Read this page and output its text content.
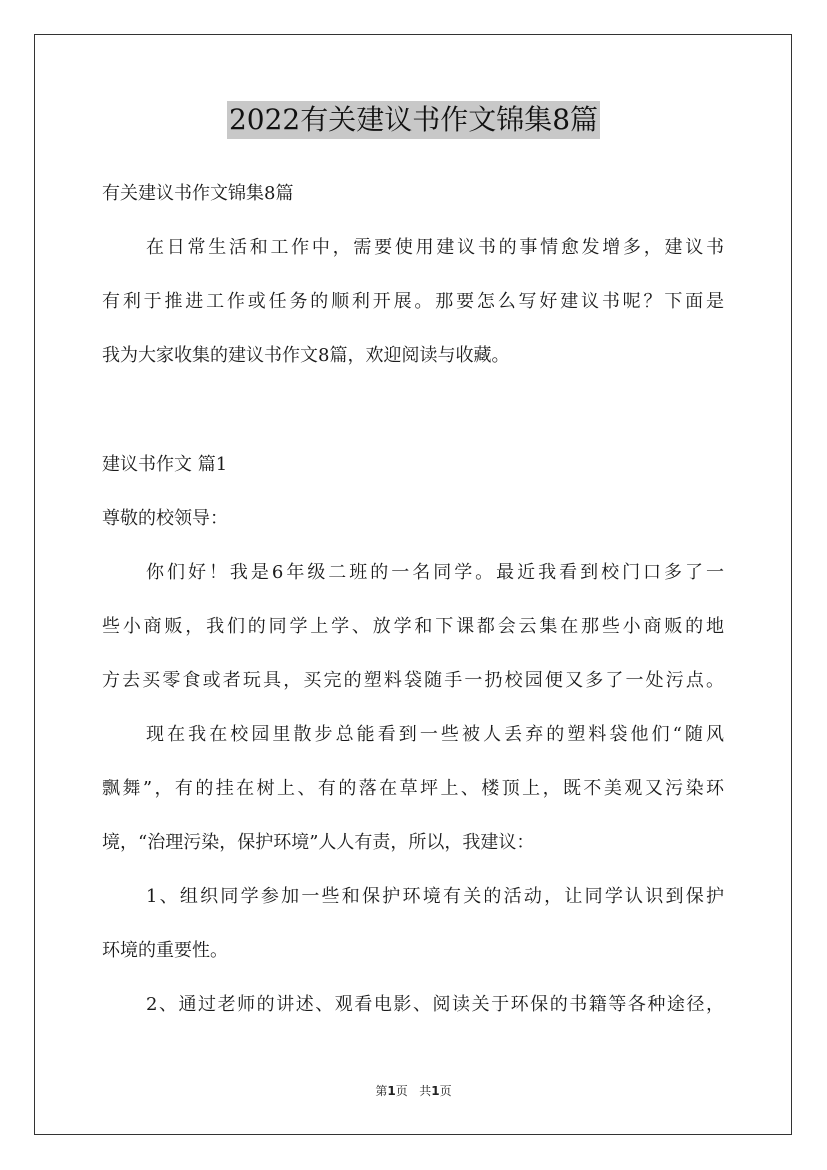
2022有关建议书作文锦集8篇
有关建议书作文锦集8篇
在日常生活和工作中，需要使用建议书的事情愈发增多，建议书
有利于推进工作或任务的顺利开展。那要怎么写好建议书呢？下面是
我为大家收集的建议书作文8篇，欢迎阅读与收藏。
建议书作文 篇1
尊敬的校领导：
你们好！我是6年级二班的一名同学。最近我看到校门口多了一
些小商贩，我们的同学上学、放学和下课都会云集在那些小商贩的地
方去买零食或者玩具，买完的塑料袋随手一扔校园便又多了一处污点。
现在我在校园里散步总能看到一些被人丢弃的塑料袋他们“随风
飘舞”，有的挂在树上、有的落在草坪上、楼顶上，既不美观又污染环
境，“治理污染，保护环境”人人有责，所以，我建议：
1、组织同学参加一些和保护环境有关的活动，让同学认识到保护
环境的重要性。
2、通过老师的讲述、观看电影、阅读关于环保的书籍等各种途径，
第1页 共1页
